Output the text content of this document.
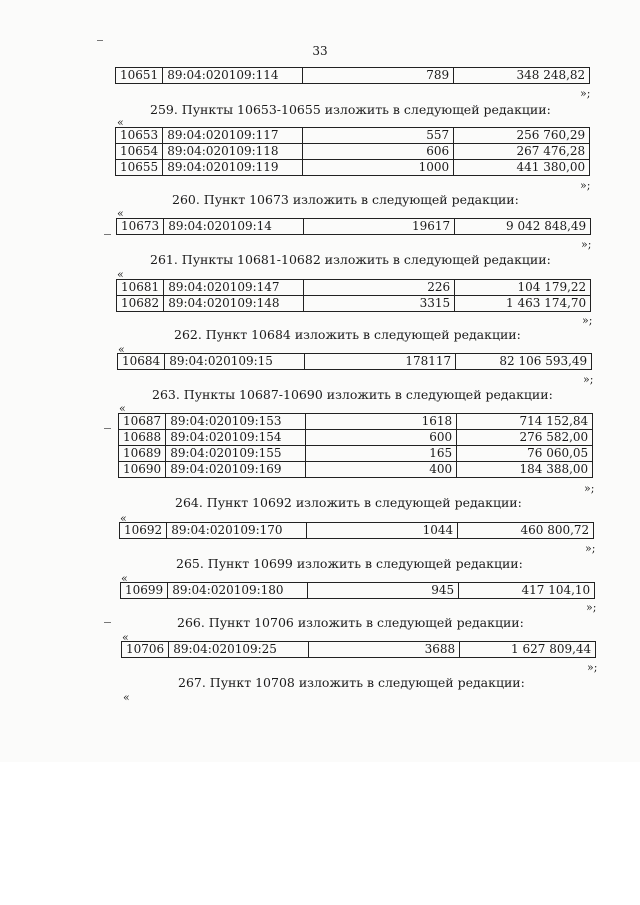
33
10651	89:04:020109:114	789	348 248,82
»;
259. Пункты 10653-10655 изложить в следующей редакции:
«
10653	89:04:020109:117	557	256 760,29
10654	89:04:020109:118	606	267 476,28
10655	89:04:020109:119	1000	441 380,00
»;
260. Пункт 10673 изложить в следующей редакции:
«
10673	89:04:020109:14	19617	9 042 848,49
»;
261. Пункты 10681-10682 изложить в следующей редакции:
«
10681	89:04:020109:147	226	104 179,22
10682	89:04:020109:148	3315	1 463 174,70
»;
262. Пункт 10684 изложить в следующей редакции:
«
10684	89:04:020109:15	178117	82 106 593,49
»;
263. Пункты 10687-10690 изложить в следующей редакции:
«
10687	89:04:020109:153	1618	714 152,84
10688	89:04:020109:154	600	276 582,00
10689	89:04:020109:155	165	76 060,05
10690	89:04:020109:169	400	184 388,00
»;
264. Пункт 10692 изложить в следующей редакции:
«
10692	89:04:020109:170	1044	460 800,72
»;
265. Пункт 10699 изложить в следующей редакции:
«
10699	89:04:020109:180	945	417 104,10
»;
266. Пункт 10706 изложить в следующей редакции:
«
10706	89:04:020109:25	3688	1 627 809,44
»;
267. Пункт 10708 изложить в следующей редакции:
«
